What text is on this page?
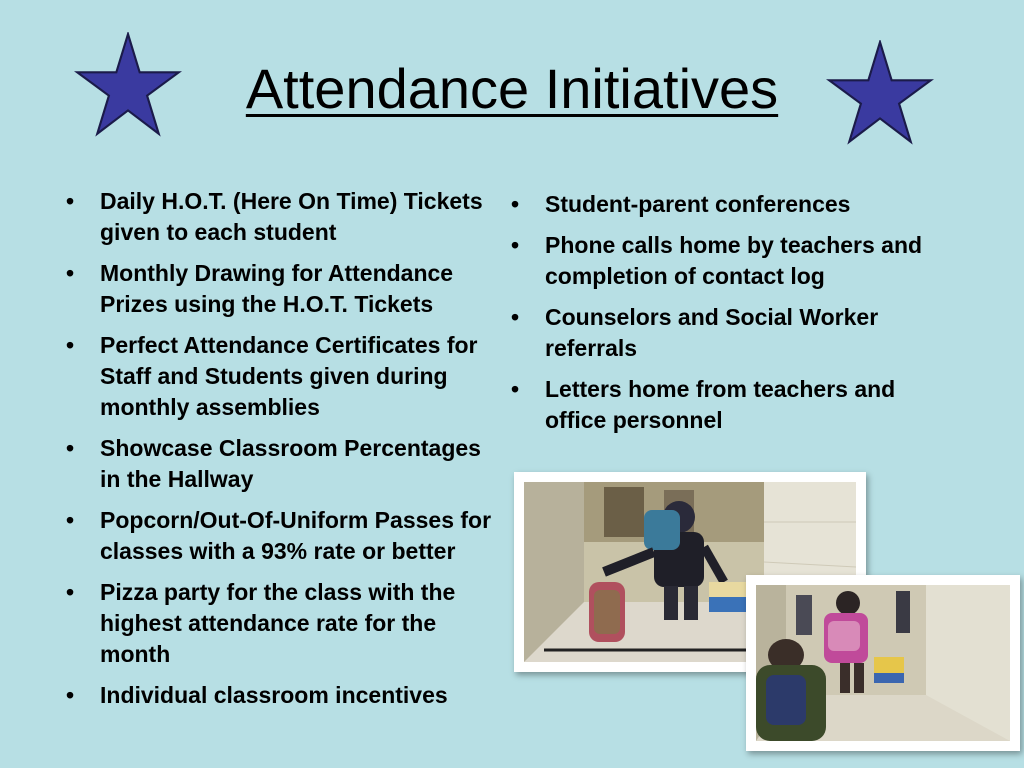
Attendance Initiatives
• Daily H.O.T. (Here On Time) Tickets given to each student
• Monthly Drawing for Attendance Prizes using the H.O.T. Tickets
• Perfect Attendance Certificates for Staff and Students given during monthly assemblies
• Showcase Classroom Percentages in the Hallway
• Popcorn/Out-Of-Uniform Passes for classes with a 93% rate or better
• Pizza party for the class with the highest attendance rate for the month
• Individual classroom incentives
• Student-parent conferences
• Phone calls home by teachers and completion of contact log
• Counselors and Social Worker referrals
• Letters home from teachers and office personnel
